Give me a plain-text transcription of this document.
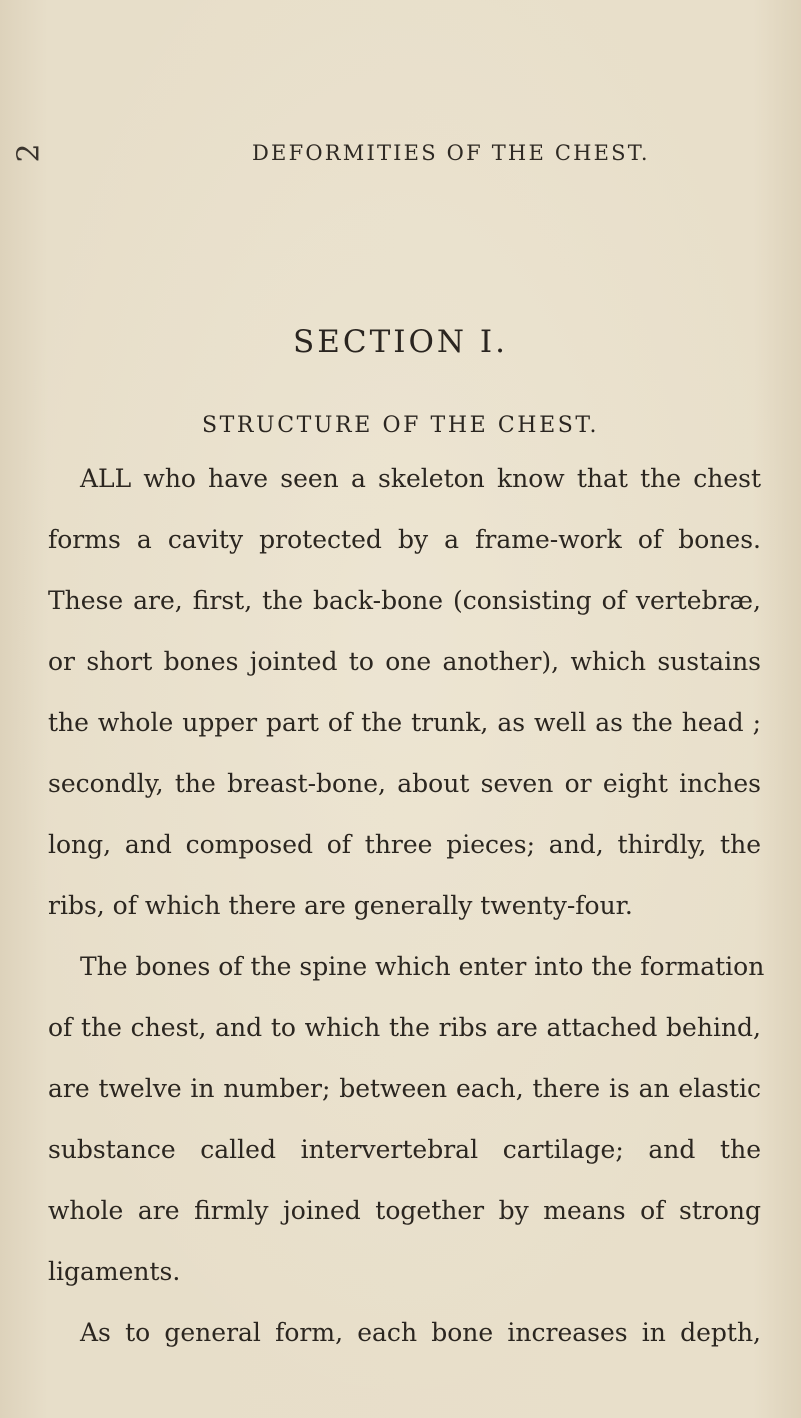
2	DEFORMITIES OF THE CHEST.
SECTION I.
STRUCTURE OF THE CHEST.
ALL who have seen a skeleton know that the chest
forms a cavity protected by a frame-work of bones.
These are, first, the back-bone (consisting of vertebræ,
or short bones jointed to one another), which sustains
the whole upper part of the trunk, as well as the head ;
secondly, the breast-bone, about seven or eight inches
long, and composed of three pieces; and, thirdly, the
ribs, of which there are generally twenty-four.
The bones of the spine which enter into the formation
of the chest, and to which the ribs are attached behind,
are twelve in number; between each, there is an elastic
substance called intervertebral cartilage; and the
whole are firmly joined together by means of strong
ligaments.
As to general form, each bone increases in depth,
